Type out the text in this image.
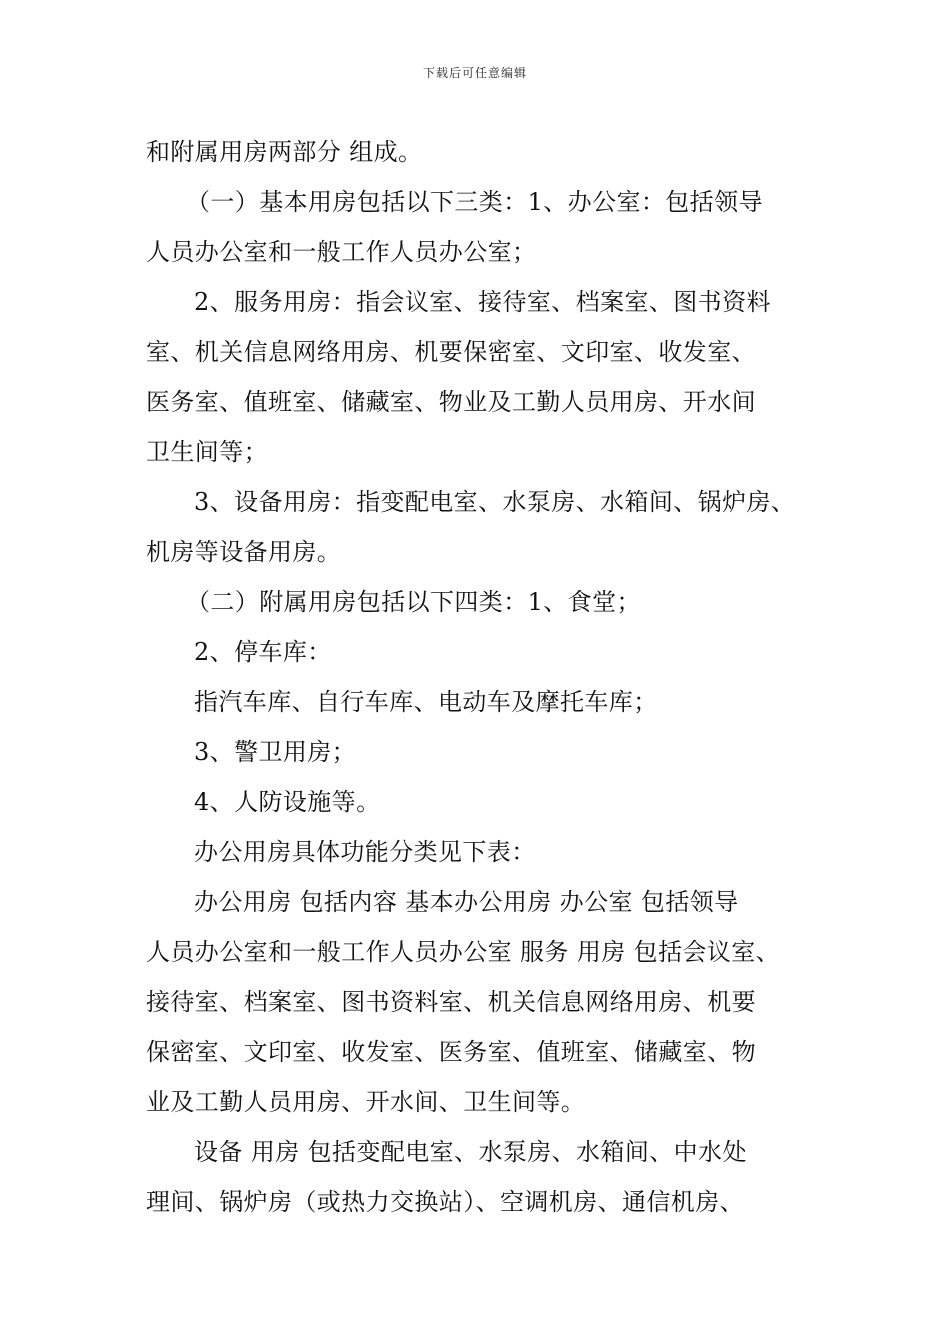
下载后可任意编辑
和附属用房两部分 组成。
（一）基本用房包括以下三类：1、办公室：包括领导
人员办公室和一般工作人员办公室；
2、服务用房：指会议室、接待室、档案室、图书资料
室、机关信息网络用房、机要保密室、文印室、收发室、
医务室、值班室、储藏室、物业及工勤人员用房、开水间
卫生间等；
3、设备用房：指变配电室、水泵房、水箱间、锅炉房、
机房等设备用房。
（二）附属用房包括以下四类：1、食堂；
2、停车库：
指汽车库、自行车库、电动车及摩托车库；
3、警卫用房；
4、人防设施等。
办公用房具体功能分类见下表：
办公用房 包括内容 基本办公用房 办公室 包括领导
人员办公室和一般工作人员办公室 服务 用房 包括会议室、
接待室、档案室、图书资料室、机关信息网络用房、机要
保密室、文印室、收发室、医务室、值班室、储藏室、物
业及工勤人员用房、开水间、卫生间等。
设备 用房 包括变配电室、水泵房、水箱间、中水处
理间、锅炉房（或热力交换站）、空调机房、通信机房、
